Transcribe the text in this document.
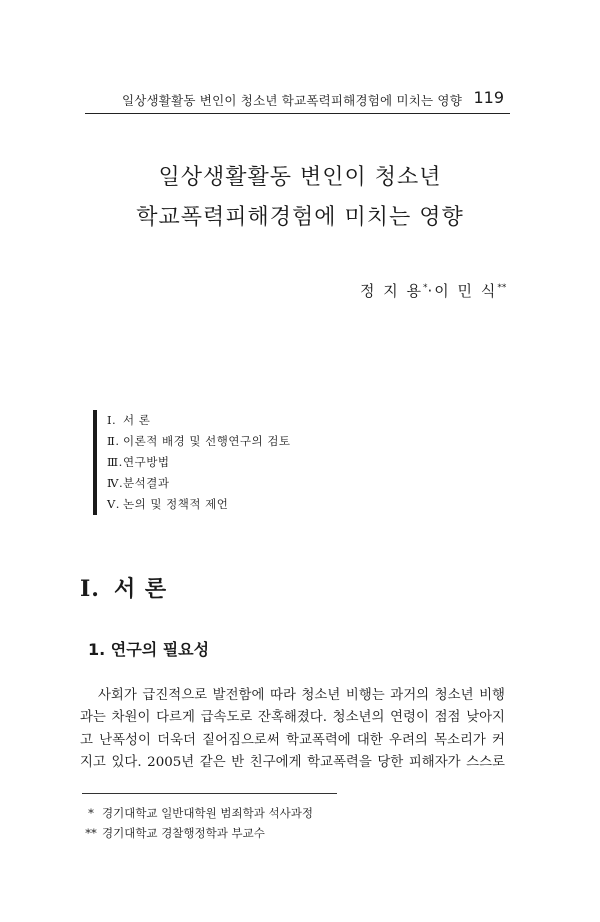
일상생활활동 변인이 청소년 학교폭력피해경험에 미치는 영향 119
일상생활활동 변인이 청소년
학교폭력피해경험에 미치는 영향
정 지 용*·이 민 식**
Ⅰ. 서 론
Ⅱ. 이론적 배경 및 선행연구의 검토
Ⅲ.연구방법
Ⅳ.분석결과
Ⅴ. 논의 및 정책적 제언
Ⅰ. 서 론
1. 연구의 필요성
사회가 급진적으로 발전함에 따라 청소년 비행는 과거의 청소년 비행
과는 차원이 다르게 급속도로 잔혹해졌다. 청소년의 연령이 점점 낮아지
고 난폭성이 더욱더 짙어짐으로써 학교폭력에 대한 우려의 목소리가 커
지고 있다. 2005년 같은 반 친구에게 학교폭력을 당한 피해자가 스스로
* 경기대학교 일반대학원 범죄학과 석사과정
** 경기대학교 경찰행정학과 부교수
